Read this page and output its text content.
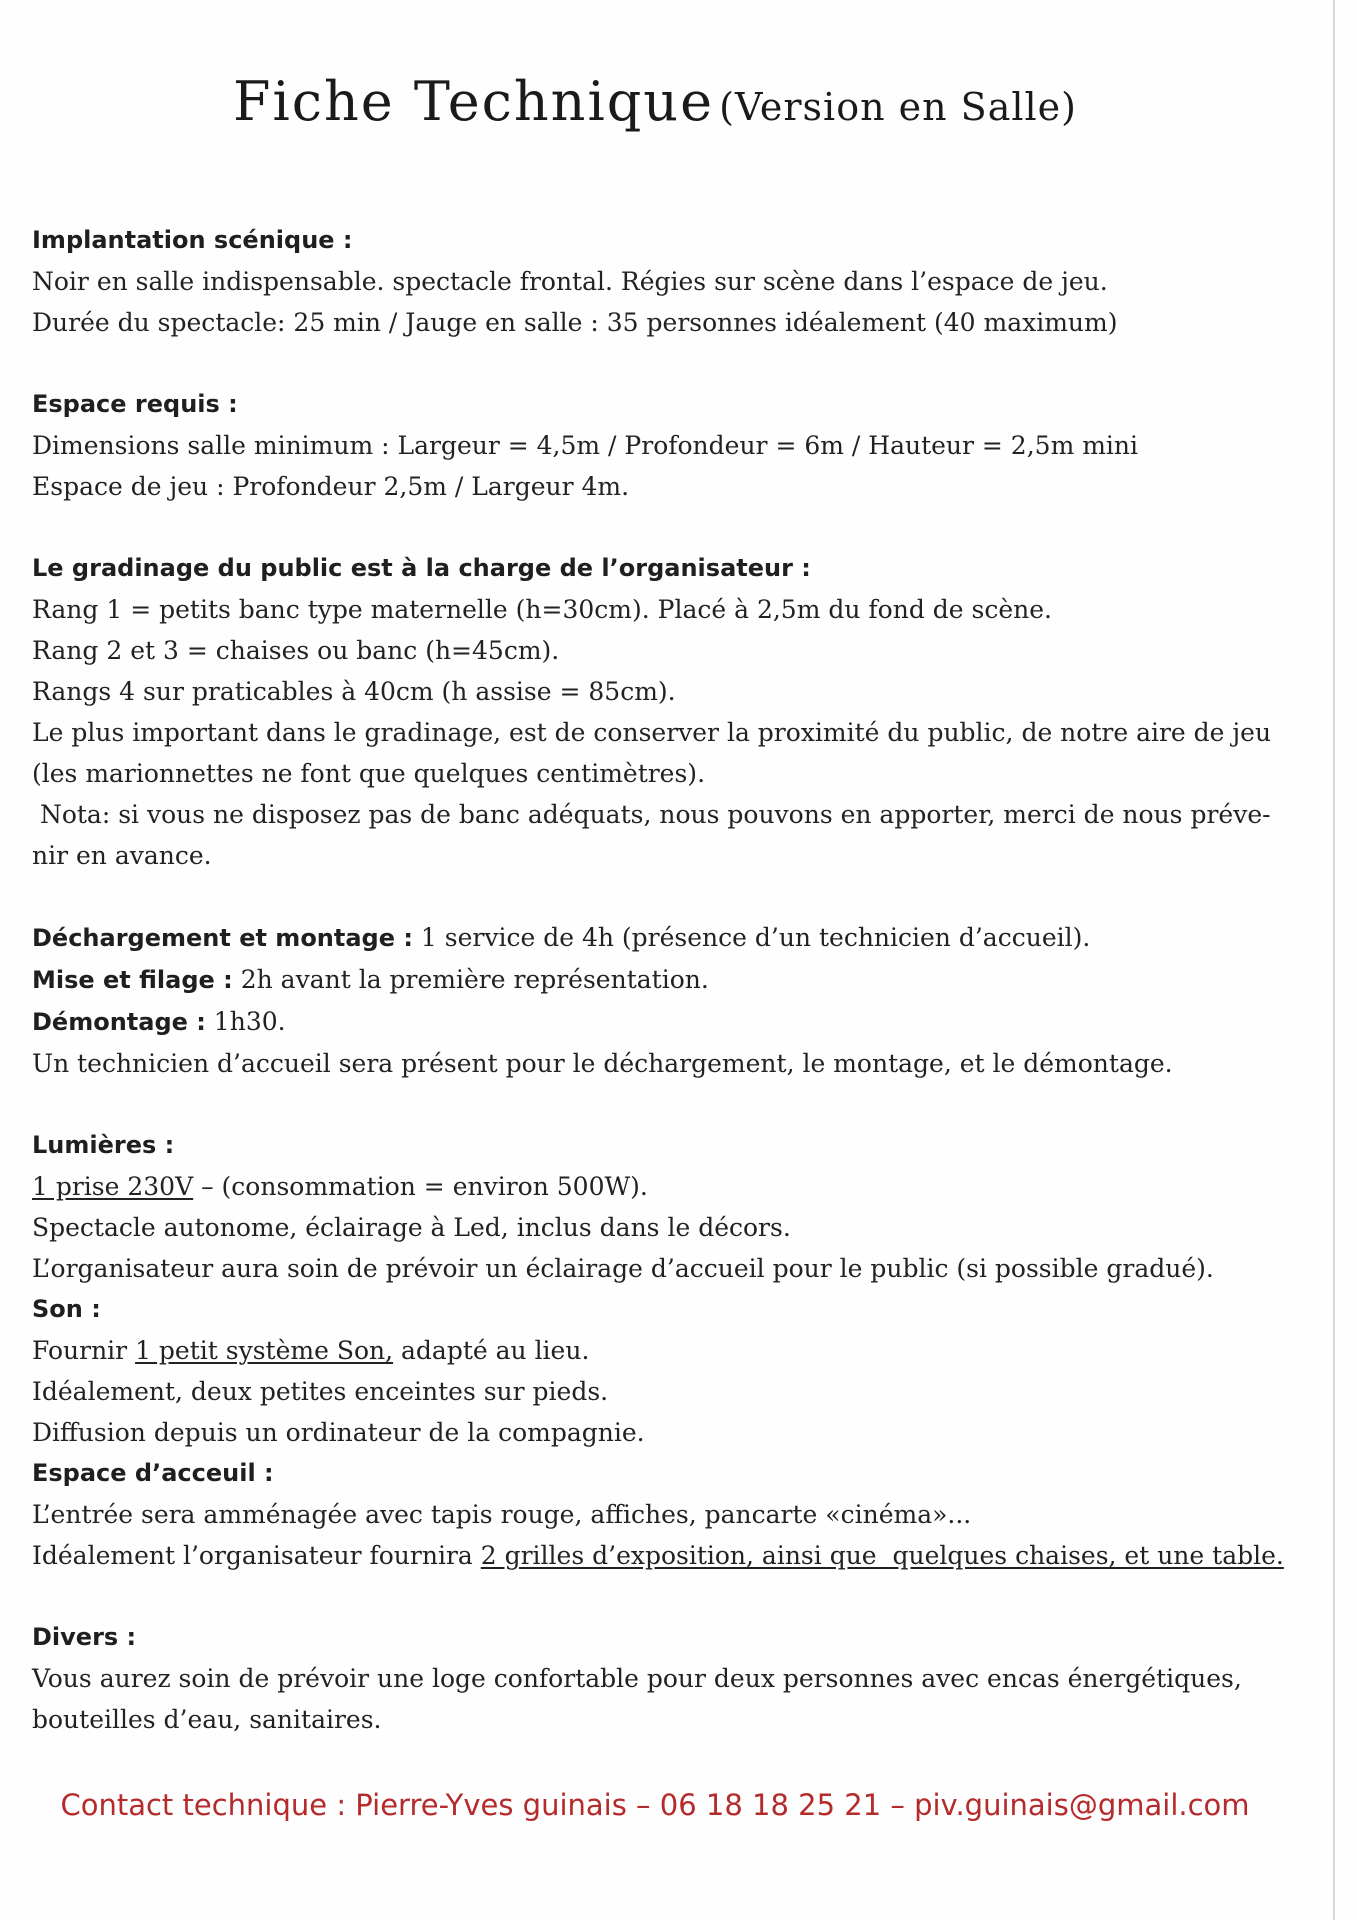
Fiche Technique (Version en Salle)
Implantation scénique :
Noir en salle indispensable. spectacle frontal. Régies sur scène dans l’espace de jeu.
Durée du spectacle: 25 min / Jauge en salle : 35 personnes idéalement (40 maximum)
Espace requis :
Dimensions salle minimum : Largeur = 4,5m / Profondeur = 6m / Hauteur = 2,5m mini
Espace de jeu : Profondeur 2,5m / Largeur 4m.
Le gradinage du public est à la charge de l’organisateur :
Rang 1 = petits banc type maternelle (h=30cm). Placé à 2,5m du fond de scène.
Rang 2 et 3 = chaises ou banc (h=45cm).
Rangs 4 sur praticables à 40cm (h assise = 85cm).
Le plus important dans le gradinage, est de conserver la proximité du public, de notre aire de jeu
(les marionnettes ne font que quelques centimètres).
Nota: si vous ne disposez pas de banc adéquats, nous pouvons en apporter, merci de nous préve-
nir en avance.
Déchargement et montage : 1 service de 4h (présence d’un technicien d’accueil).
Mise et filage : 2h avant la première représentation.
Démontage : 1h30.
Un technicien d’accueil sera présent pour le déchargement, le montage, et le démontage.
Lumières :
1 prise 230V – (consommation = environ 500W).
Spectacle autonome, éclairage à Led, inclus dans le décors.
L’organisateur aura soin de prévoir un éclairage d’accueil pour le public (si possible gradué).
Son :
Fournir 1 petit système Son, adapté au lieu.
Idéalement, deux petites enceintes sur pieds.
Diffusion depuis un ordinateur de la compagnie.
Espace d’acceuil :
L’entrée sera amménagée avec tapis rouge, affiches, pancarte «cinéma»...
Idéalement l’organisateur fournira 2 grilles d’exposition, ainsi que  quelques chaises, et une table.
Divers :
Vous aurez soin de prévoir une loge confortable pour deux personnes avec encas énergétiques,
bouteilles d’eau, sanitaires.
Contact technique : Pierre-Yves guinais – 06 18 18 25 21 – piv.guinais@gmail.com
